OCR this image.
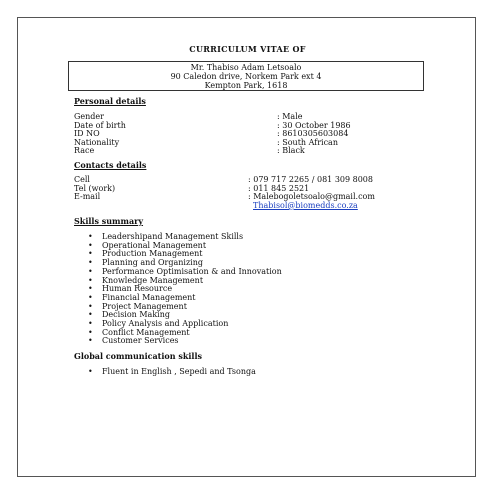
CURRICULUM VITAE OF
Mr. Thabiso Adam Letsoalo
90 Caledon drive, Norkem Park ext 4
Kempton Park, 1618
Personal details
Gender	: Male
Date of birth	: 30 October 1986
ID NO	: 8610305603084
Nationality	: South African
Race	: Black
Contacts details
Cell	: 079 717 2265 / 081 309 8008
Tel (work)	: 011 845 2521
E-mail	: Malebogoletsoalo@gmail.com
Thabisol@biomedds.co.za
Skills summary
• Leadershipand Management Skills
• Operational Management
• Production Management
• Planning and Organizing
• Performance Optimisation & and Innovation
• Knowledge Management
• Human Resource
• Financial Management
• Project Management
• Decision Making
• Policy Analysis and Application
• Conflict Management
• Customer Services
Global communication skills
• Fluent in English , Sepedi and Tsonga
